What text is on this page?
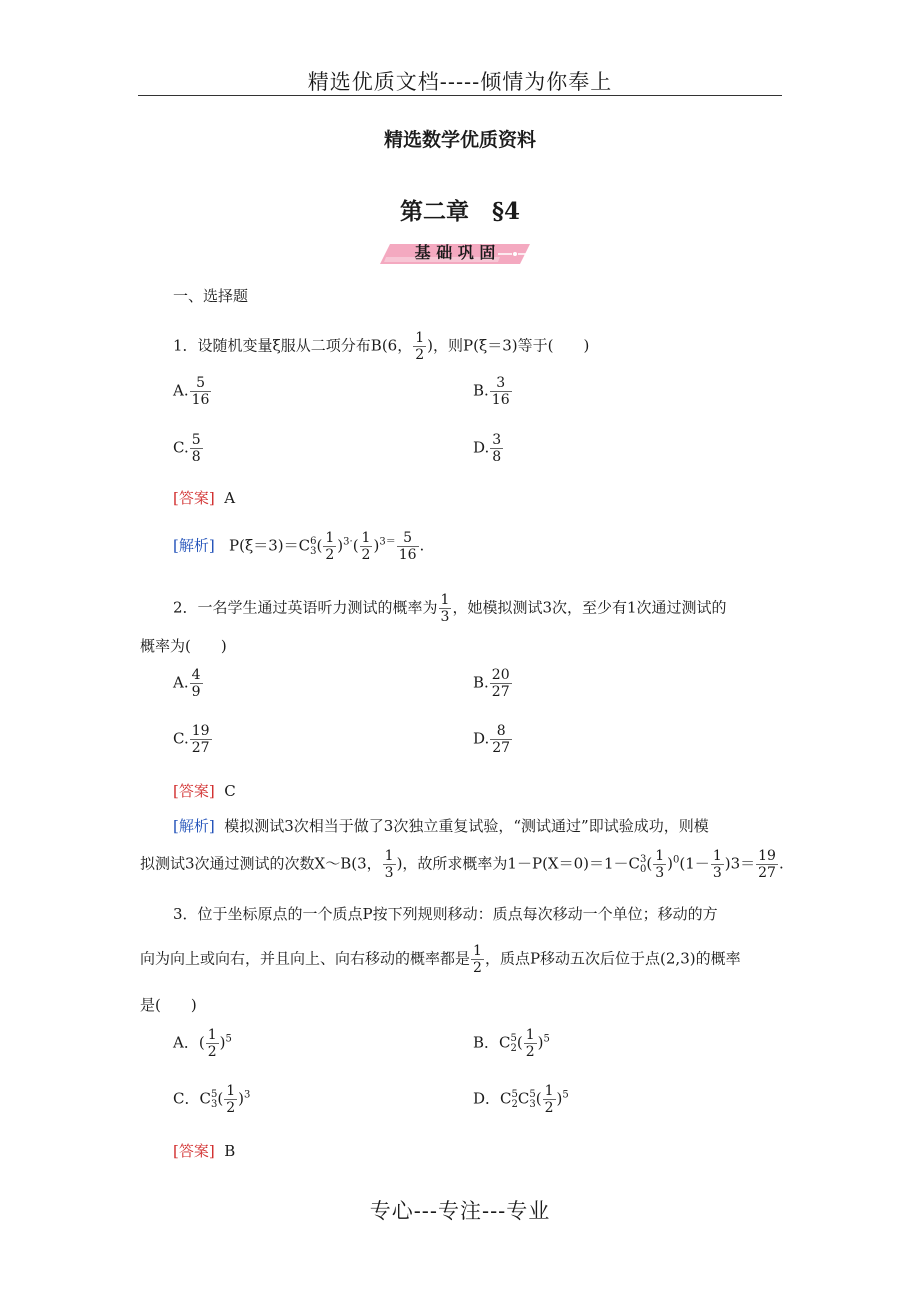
精选优质文档-----倾情为你奉上
精选数学优质资料
第二章　§4
基 础 巩 固
一、选择题
1．设随机变量ξ服从二项分布B(6， $\frac{1}{2}$ )，则P(ξ＝3)等于(　　)
A. $\frac{5}{16}$	B. $\frac{3}{16}$
C. $\frac{5}{8}$	D. $\frac{3}{8}$
[答案] A
[解析] P(ξ＝3)＝C 6
3 ( $\frac{1}{2} )^{3\cdot}( \frac{1}{2} )^{3=} \frac{5}{16}$ .
2．一名学生通过英语听力测试的概率为 $\frac{1}{3}$ ，她模拟测试3次，至少有1次通过测试的
概率为(　　)
A. $\frac{4}{9}$	B. $\frac{20}{27}$
C. $\frac{19}{27}$	D. $\frac{8}{27}$
[答案] C
[解析] 模拟测试3次相当于做了3次独立重复试验，“测试通过”即试验成功，则模
拟测试3次通过测试的次数X～B(3， $\frac{1}{3}$ )，故所求概率为1－P(X＝0)＝1－C 3
0 ( $\frac{1}{3} )^0(1- \frac{1}{3} )3= \frac{19}{27}$ .
3．位于坐标原点的一个质点P按下列规则移动：质点每次移动一个单位；移动的方
向为向上或向右，并且向上、向右移动的概率都是 $\frac{1}{2}$ ，质点P移动五次后位于点(2,3)的概率
是(　　)
A．( $\frac{1}{2} )^5$	B．C 5
2 ( $\frac{1}{2} )^5$
C．C 5
3 ( $\frac{1}{2} )^3$	D．C 5
2 C 5
3 ( $\frac{1}{2} )^5$
[答案] B
专心---专注---专业
